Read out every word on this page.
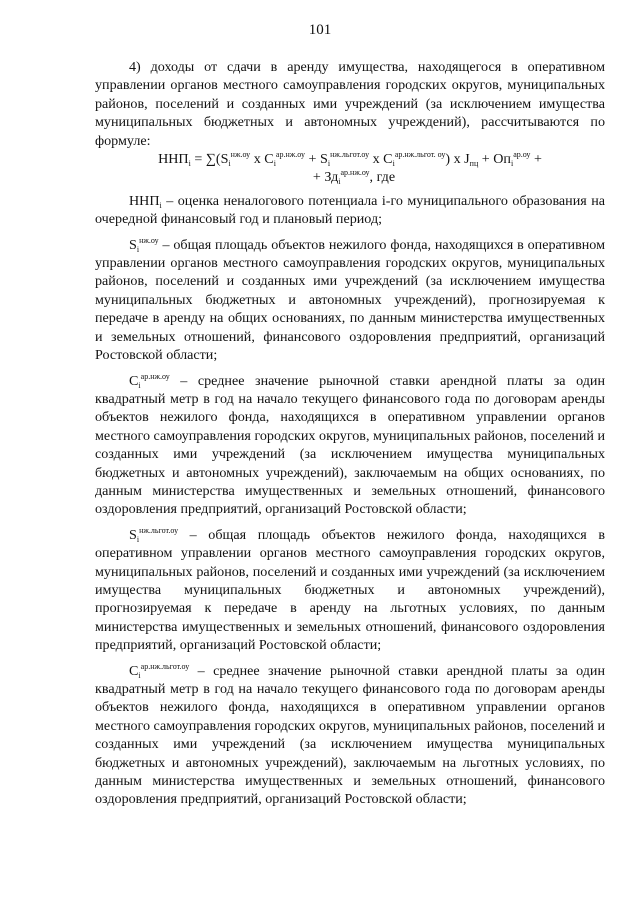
101

4) доходы от сдачи в аренду имущества, находящегося в оперативном управлении органов местного самоуправления городских округов, муниципальных районов, поселений и созданных ими учреждений (за исключением имущества муниципальных бюджетных и автономных учреждений), рассчитываются по формуле:

$ННП_i = \sum(S_i^{нж.оу}$ x $C_i^{ар.нж.оу} + S_i^{нж.льгот.оу}$ x $C_i^{ар.нж.льгот. оу}$) x $J_{пц} + Оп_i^{ар.оу}$ +
+ $Зд_i^{ар.нж.оу}$, где

$ННП_i$ – оценка неналогового потенциала i-го муниципального образования на очередной финансовый год и плановый период;

$S_i^{нж.оу}$ – общая площадь объектов нежилого фонда, находящихся в оперативном управлении органов местного самоуправления городских округов, муниципальных районов, поселений и созданных ими учреждений (за исключением имущества муниципальных бюджетных и автономных учреждений), прогнозируемая к передаче в аренду на общих основаниях, по данным министерства имущественных и земельных отношений, финансового оздоровления предприятий, организаций Ростовской области;

$C_i^{ар.нж.оу}$ – среднее значение рыночной ставки арендной платы за один квадратный метр в год на начало текущего финансового года по договорам аренды объектов нежилого фонда, находящихся в оперативном управлении органов местного самоуправления городских округов, муниципальных районов, поселений и созданных ими учреждений (за исключением имущества муниципальных бюджетных и автономных учреждений), заключаемым на общих основаниях, по данным министерства имущественных и земельных отношений, финансового оздоровления предприятий, организаций Ростовской области;

$S_i^{нж.льгот.оу}$ – общая площадь объектов нежилого фонда, находящихся в оперативном управлении органов местного самоуправления городских округов, муниципальных районов, поселений и созданных ими учреждений (за исключением имущества муниципальных бюджетных и автономных учреждений), прогнозируемая к передаче в аренду на льготных условиях, по данным министерства имущественных и земельных отношений, финансового оздоровления предприятий, организаций Ростовской области;

$C_i^{ар.нж.льгот.оу}$ – среднее значение рыночной ставки арендной платы за один квадратный метр в год на начало текущего финансового года по договорам аренды объектов нежилого фонда, находящихся в оперативном управлении органов местного самоуправления городских округов, муниципальных районов, поселений и созданных ими учреждений (за исключением имущества муниципальных бюджетных и автономных учреждений), заключаемым на льготных условиях, по данным министерства имущественных и земельных отношений, финансового оздоровления предприятий, организаций Ростовской области;
